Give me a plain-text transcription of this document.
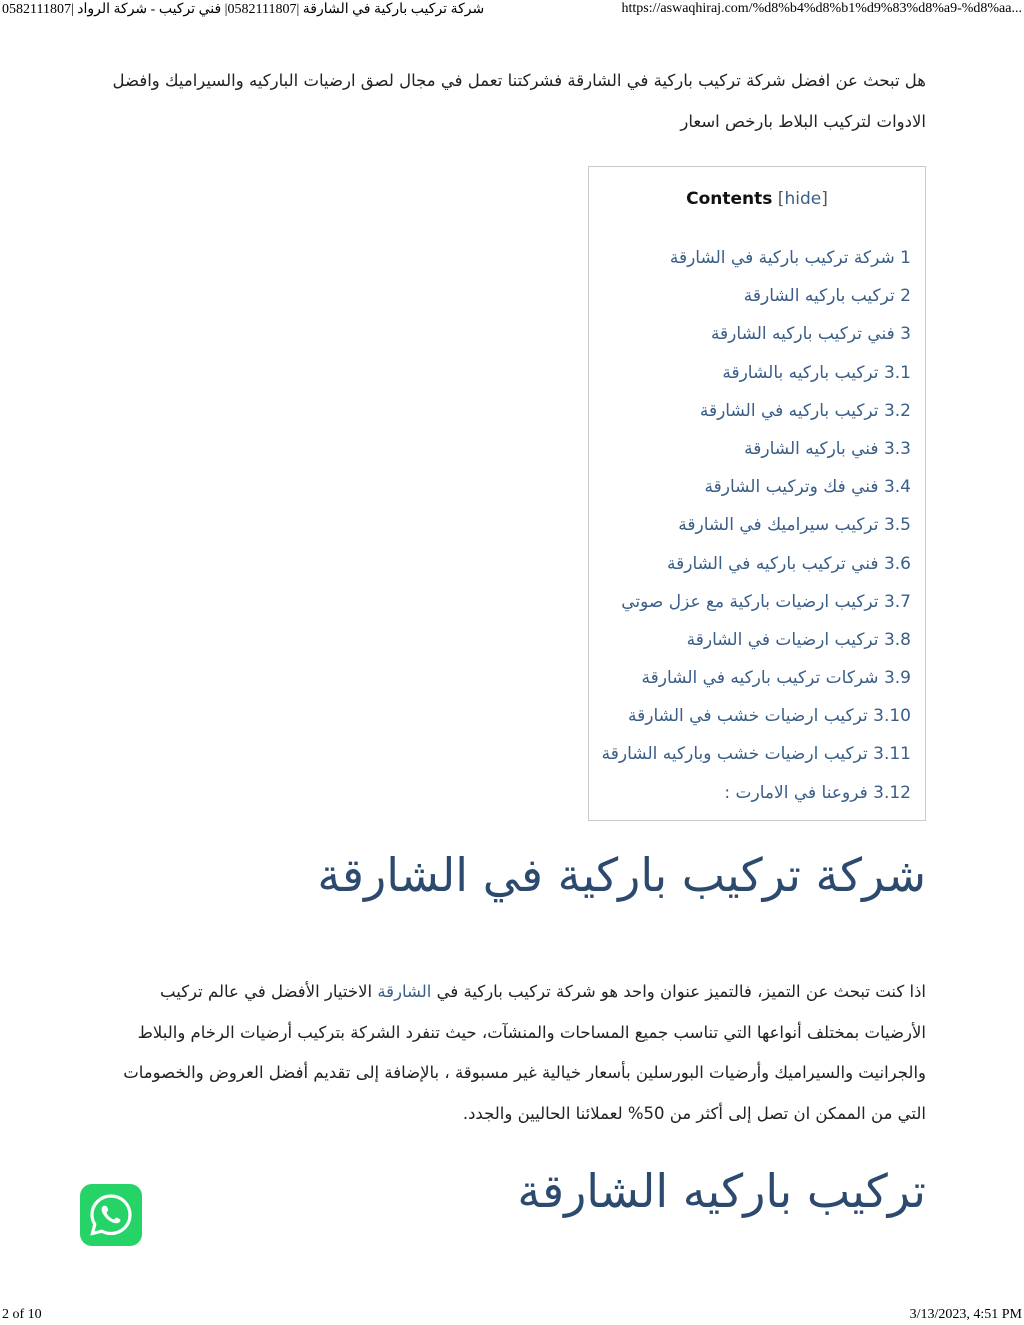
شركة تركيب باركية في الشارقة |0582111807| فني تركيب - شركة الرواد |0582111807	https://aswaqhiraj.com/%d8%b4%d8%b1%d9%83%d8%a9-%d8%aa...

هل تبحث عن افضل شركة تركيب باركية في الشارقة فشركتنا تعمل في مجال لصق ارضيات الباركيه والسيراميك وافضل الادوات لتركيب البلاط بارخص اسعار

Contents [hide]
1 شركة تركيب باركية في الشارقة
2 تركيب باركيه الشارقة
3 فني تركيب باركيه الشارقة
3.1 تركيب باركيه بالشارقة
3.2 تركيب باركيه في الشارقة
3.3 فني باركيه الشارقة
3.4 فني فك وتركيب الشارقة
3.5 تركيب سيراميك في الشارقة
3.6 فني تركيب باركيه في الشارقة
3.7 تركيب ارضيات باركية مع عزل صوتي
3.8 تركيب ارضيات في الشارقة
3.9 شركات تركيب باركيه في الشارقة
3.10 تركيب ارضيات خشب في الشارقة
3.11 تركيب ارضيات خشب وباركيه الشارقة
3.12 فروعنا في الامارت :
شركة تركيب باركية في الشارقة

اذا كنت تبحث عن التميز، فالتميز عنوان واحد هو شركة تركيب باركية في الشارقة الاختيار الأفضل في عالم تركيب الأرضيات بمختلف أنواعها التي تناسب جميع المساحات والمنشآت، حيث تنفرد الشركة بتركيب أرضيات الرخام والبلاط والجرانيت والسيراميك وأرضيات البورسلين بأسعار خيالية غير مسبوقة ، بالإضافة إلى تقديم أفضل العروض والخصومات التي من الممكن ان تصل إلى أكثر من 50% لعملائنا الحاليين والجدد.

تركيب باركيه الشارقة
2 of 10	3/13/2023, 4:51 PM
